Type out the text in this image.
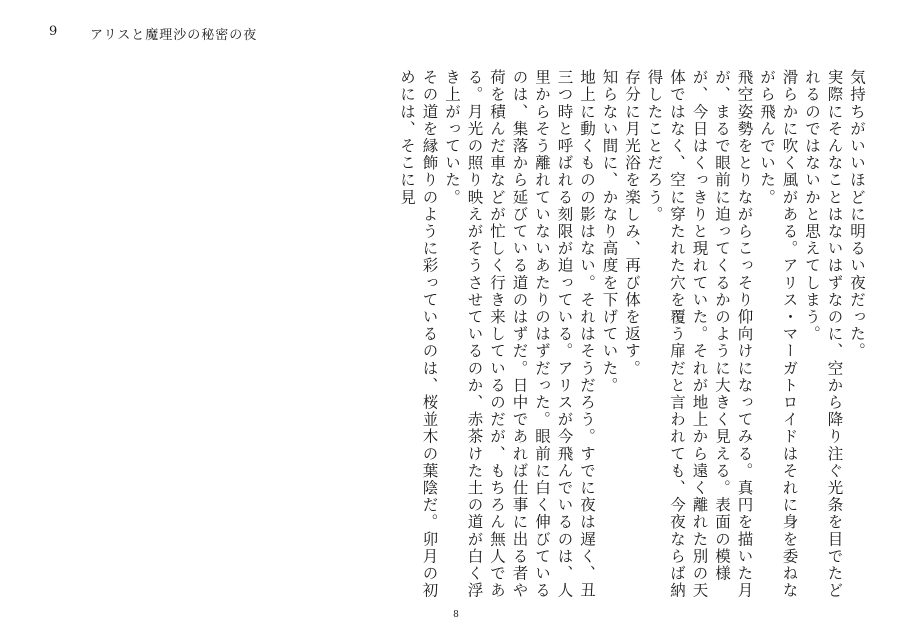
9	アリスと魔理沙の秘密の夜

気持ちがいいほどに明るい夜だった。

実際にそんなことはないはずなのに、空から降り注ぐ光条を目でたどれるのではないかと思えてしまう。

滑らかに吹く風がある。アリス・マーガトロイドはそれに身を委ねながら飛んでいた。

飛空姿勢をとりながらこっそり仰向けになってみる。真円を描いた月が、まるで眼前に迫ってくるかのように大きく見える。表面の模様が、今日はくっきりと現れていた。それが地上から遠く離れた別の天体ではなく、空に穿たれた穴を覆う扉だと言われても、今夜ならば納得したことだろう。

存分に月光浴を楽しみ、再び体を返す。

知らない間に、かなり高度を下げていた。

地上に動くものの影はない。それはそうだろう。すでに夜は遅く、丑三つ時と呼ばれる刻限が迫っている。アリスが今飛んでいるのは、人里からそう離れていないあたりのはずだった。眼前に白く伸びているのは、集落から延びている道のはずだ。日中であれば仕事に出る者や荷を積んだ車などが忙しく行き来しているのだが、もちろん無人である。月光の照り映えがそうさせているのか、赤茶けた土の道が白く浮き上がっていた。

その道を縁飾りのように彩っているのは、桜並木の葉陰だ。卯月の初めには、そこに見

8
